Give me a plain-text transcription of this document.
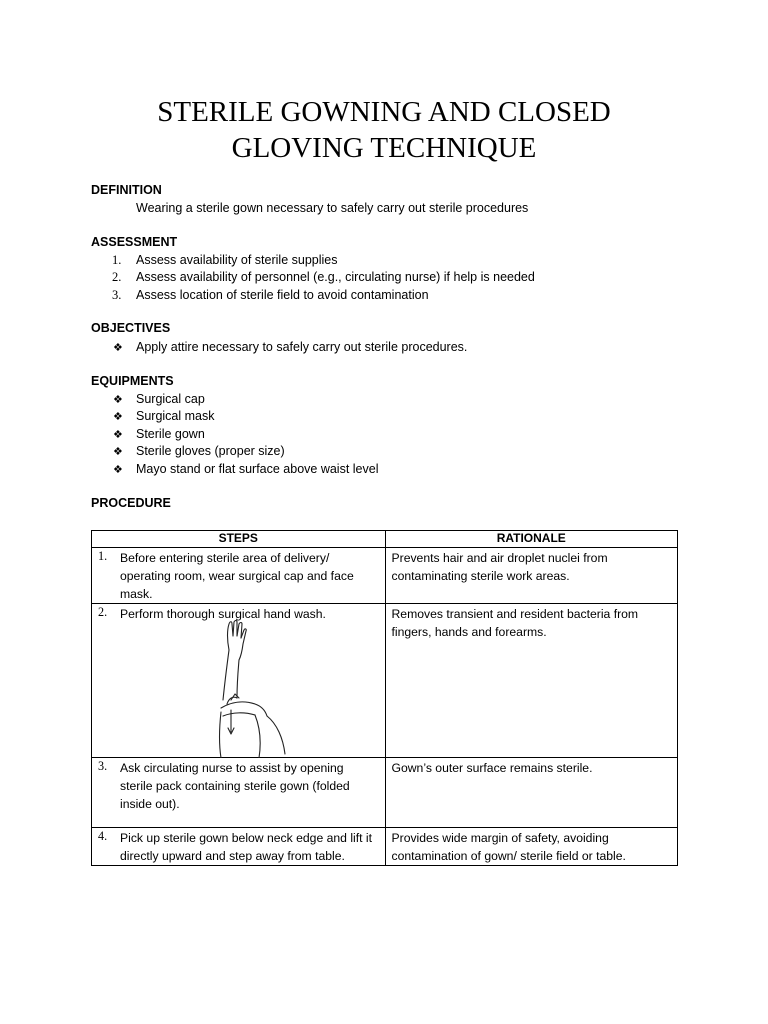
STERILE GOWNING AND CLOSED
GLOVING TECHNIQUE
DEFINITION
Wearing a sterile gown necessary to safely carry out sterile procedures
ASSESSMENT
1. Assess availability of sterile supplies
2. Assess availability of personnel (e.g., circulating nurse) if help is needed
3. Assess location of sterile field to avoid contamination
OBJECTIVES
❖ Apply attire necessary to safely carry out sterile procedures.
EQUIPMENTS
❖ Surgical cap
❖ Surgical mask
❖ Sterile gown
❖ Sterile gloves (proper size)
❖ Mayo stand or flat surface above waist level
PROCEDURE
STEPS	RATIONALE

1. Before entering sterile area of delivery/ operating room, wear surgical cap and face mask.	Prevents hair and air droplet nuclei from contaminating sterile work areas.

2. Perform thorough surgical hand wash.	Removes transient and resident bacteria from fingers, hands and forearms.

3. Ask circulating nurse to assist by opening sterile pack containing sterile gown (folded inside out).	Gown’s outer surface remains sterile.

4. Pick up sterile gown below neck edge and lift it directly upward and step away from table.	Provides wide margin of safety, avoiding contamination of gown/ sterile field or table.
